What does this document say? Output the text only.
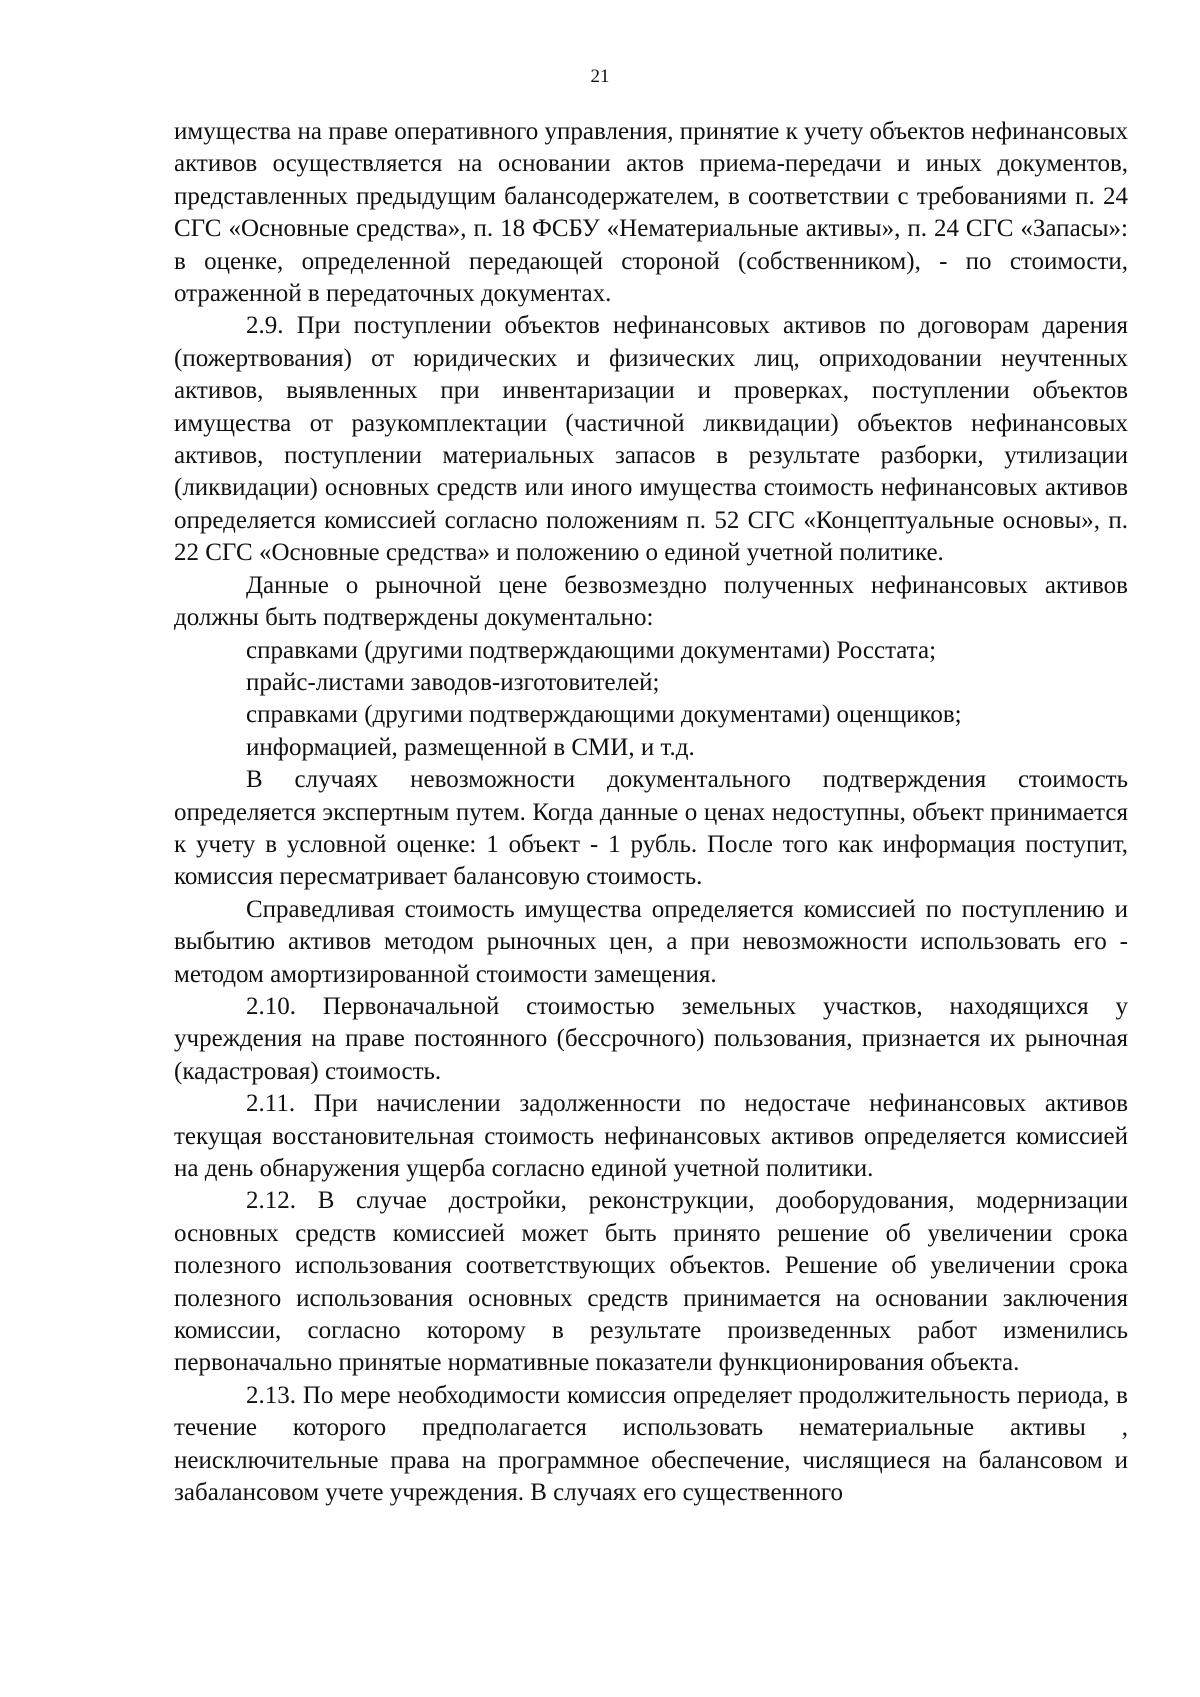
21

имущества на праве оперативного управления, принятие к учету объектов нефинансовых активов осуществляется на основании актов приема-передачи и иных документов, представленных предыдущим балансодержателем, в соответствии с требованиями п. 24 СГС «Основные средства», п. 18 ФСБУ «Нематериальные активы», п. 24 СГС «Запасы»: в оценке, определенной передающей стороной (собственником), - по стоимости, отраженной в передаточных документах.

2.9. При поступлении объектов нефинансовых активов по договорам дарения (пожертвования) от юридических и физических лиц, оприходовании неучтенных активов, выявленных при инвентаризации и проверках, поступлении объектов имущества от разукомплектации (частичной ликвидации) объектов нефинансовых активов, поступлении материальных запасов в результате разборки, утилизации (ликвидации) основных средств или иного имущества стоимость нефинансовых активов определяется комиссией согласно положениям п. 52 СГС «Концептуальные основы», п. 22 СГС «Основные средства» и положению о единой учетной политике.

Данные о рыночной цене безвозмездно полученных нефинансовых активов должны быть подтверждены документально:

справками (другими подтверждающими документами) Росстата;

прайс-листами заводов-изготовителей;

справками (другими подтверждающими документами) оценщиков;

информацией, размещенной в СМИ, и т.д.

В случаях невозможности документального подтверждения стоимость определяется экспертным путем. Когда данные о ценах недоступны, объект принимается к учету в условной оценке: 1 объект - 1 рубль. После того как информация поступит, комиссия пересматривает балансовую стоимость.

Справедливая стоимость имущества определяется комиссией по поступлению и выбытию активов методом рыночных цен, а при невозможности использовать его - методом амортизированной стоимости замещения.

2.10. Первоначальной стоимостью земельных участков, находящихся у учреждения на праве постоянного (бессрочного) пользования, признается их рыночная (кадастровая) стоимость.

2.11. При начислении задолженности по недостаче нефинансовых активов текущая восстановительная стоимость нефинансовых активов определяется комиссией на день обнаружения ущерба согласно единой учетной политики.

2.12. В случае достройки, реконструкции, дооборудования, модернизации основных средств комиссией может быть принято решение об увеличении срока полезного использования соответствующих объектов. Решение об увеличении срока полезного использования основных средств принимается на основании заключения комиссии, согласно которому в результате произведенных работ изменились первоначально принятые нормативные показатели функционирования объекта.

2.13. По мере необходимости комиссия определяет продолжительность периода, в течение которого предполагается использовать нематериальные активы , неисключительные права на программное обеспечение, числящиеся на балансовом и забалансовом учете учреждения. В случаях его существенного
